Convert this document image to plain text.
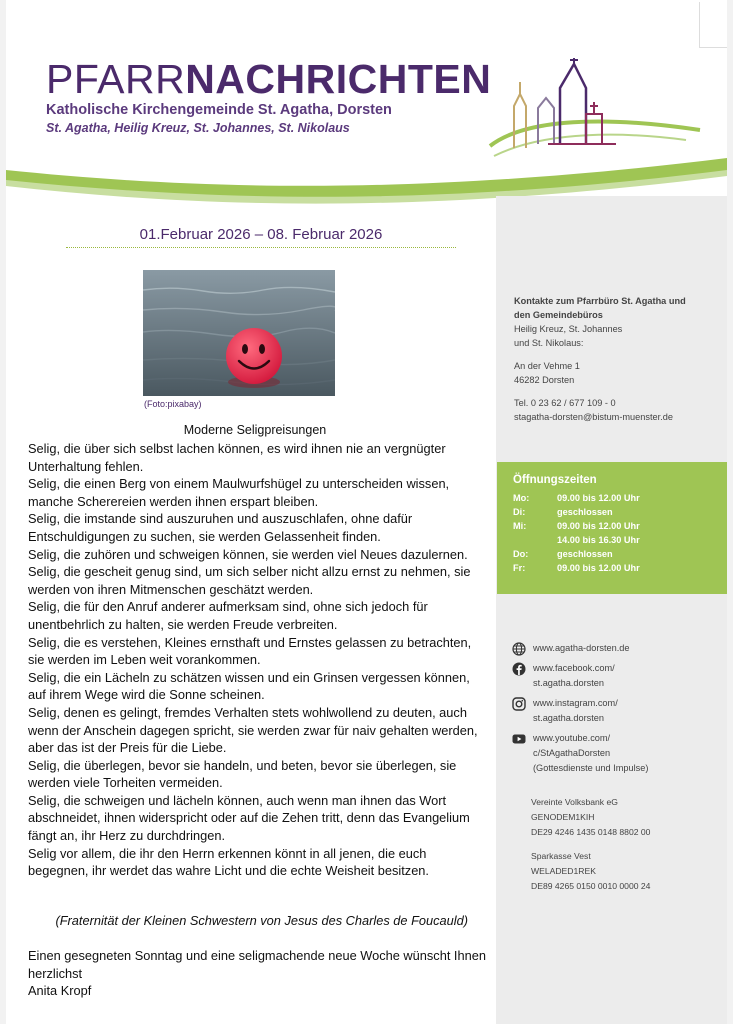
PFARRNACHRICHTEN
Katholische Kirchengemeinde St. Agatha, Dorsten
St. Agatha, Heilig Kreuz, St. Johannes, St. Nikolaus
01.Februar 2026 – 08. Februar 2026
(Foto:pixabay)
Moderne Seligpreisungen

Selig, die über sich selbst lachen können, es wird ihnen nie an vergnügter Unterhaltung fehlen.

Selig, die einen Berg von einem Maulwurfshügel zu unterscheiden wissen, manche Scherereien werden ihnen erspart bleiben.

Selig, die imstande sind auszuruhen und auszuschlafen, ohne dafür Entschuldigungen zu suchen, sie werden Gelassenheit finden.

Selig, die zuhören und schweigen können, sie werden viel Neues dazulernen.

Selig, die gescheit genug sind, um sich selber nicht allzu ernst zu nehmen, sie werden von ihren Mitmenschen geschätzt werden.

Selig, die für den Anruf anderer aufmerksam sind, ohne sich jedoch für unentbehrlich zu halten, sie werden Freude verbreiten.

Selig, die es verstehen, Kleines ernsthaft und Ernstes gelassen zu betrachten, sie werden im Leben weit vorankommen.

Selig, die ein Lächeln zu schätzen wissen und ein Grinsen vergessen können, auf ihrem Wege wird die Sonne scheinen.

Selig, denen es gelingt, fremdes Verhalten stets wohlwollend zu deuten, auch wenn der Anschein dagegen spricht, sie werden zwar für naiv gehalten werden, aber das ist der Preis für die Liebe.

Selig, die überlegen, bevor sie handeln, und beten, bevor sie überlegen, sie werden viele Torheiten vermeiden.

Selig, die schweigen und lächeln können, auch wenn man ihnen das Wort abschneidet, ihnen widerspricht oder auf die Zehen tritt, denn das Evangelium fängt an, ihr Herz zu durchdringen.

Selig vor allem, die ihr den Herrn erkennen könnt in all jenen, die euch begegnen, ihr werdet das wahre Licht und die echte Weisheit besitzen.

(Fraternität der Kleinen Schwestern von Jesus des Charles de Foucauld)
Einen gesegneten Sonntag und eine seligmachende neue Woche wünscht Ihnen herzlichst
Anita Kropf
Kontakte zum Pfarrbüro St. Agatha und
den Gemeindebüros
Heilig Kreuz, St. Johannes
und St. Nikolaus:
An der Vehme 1
46282 Dorsten
Tel. 0 23 62 / 677 109 - 0
stagatha-dorsten@bistum-muenster.de
Öffnungszeiten
Mo:	09.00 bis 12.00 Uhr
Di:	geschlossen
Mi:	09.00 bis 12.00 Uhr
14.00 bis 16.30 Uhr
Do:	geschlossen
Fr:	09.00 bis 12.00 Uhr
www.agatha-dorsten.de
www.facebook.com/
st.agatha.dorsten
www.instagram.com/
st.agatha.dorsten
www.youtube.com/
c/StAgathaDorsten
(Gottesdienste und Impulse)
Vereinte Volksbank eG
GENODEM1KIH
DE29 4246 1435 0148 8802 00
Sparkasse Vest
WELADED1REK
DE89 4265 0150 0010 0000 24
